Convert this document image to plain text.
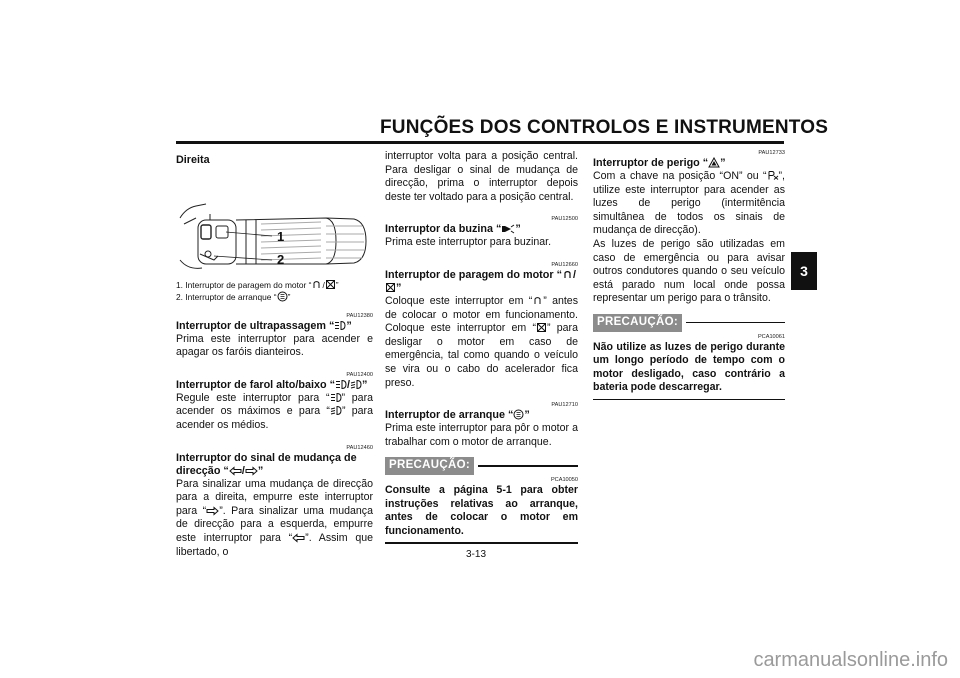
FUNÇÕES DOS CONTROLOS E INSTRUMENTOS
3
Direita
1
2
1. Interruptor de paragem do motor “ / ”
2. Interruptor de arranque “ ”
PAU12380
Interruptor de ultrapassagem “ ”
Prima este interruptor para acender e apagar os faróis dianteiros.
PAU12400
Interruptor de farol alto/baixo “ / ”
Regule este interruptor para “ ” para acender os máximos e para “ ” para acender os médios.
PAU12460
Interruptor do sinal de mudança de direcção “ / ”
Para sinalizar uma mudança de direcção para a direita, empurre este interruptor para “ ”. Para sinalizar uma mudança de direcção para a esquerda, empurre este interruptor para “ ”. Assim que libertado, o
interruptor volta para a posição central. Para desligar o sinal de mudança de direcção, prima o interruptor depois deste ter voltado para a posição central.
PAU12500
Interruptor da buzina “ ”
Prima este interruptor para buzinar.
PAU12660
Interruptor de paragem do motor “ /”
Coloque este interruptor em “ ” antes de colocar o motor em funcionamento. Coloque este interruptor em “ ” para desligar o motor em caso de emergência, tal como quando o veículo se vira ou o cabo do acelerador fica preso.
PAU12710
Interruptor de arranque “ ”
Prima este interruptor para pôr o motor a trabalhar com o motor de arranque.
PRECAUÇÃO:
PCA10050
Consulte a página 5-1 para obter instruções relativas ao arranque, antes de colocar o motor em funcionamento.
PAU12733
Interruptor de perigo “ ”
Com a chave na posição “ON” ou “ ”, utilize este interruptor para acender as luzes de perigo (intermitência simultânea de todos os sinais de mudança de direcção).
As luzes de perigo são utilizadas em caso de emergência ou para avisar outros condutores quando o seu veículo está parado num local onde possa representar um perigo para o trânsito.
PRECAUÇÃO:
PCA10061
Não utilize as luzes de perigo durante um longo período de tempo com o motor desligado, caso contrário a bateria pode descarregar.
3-13
carmanualsonline.info
